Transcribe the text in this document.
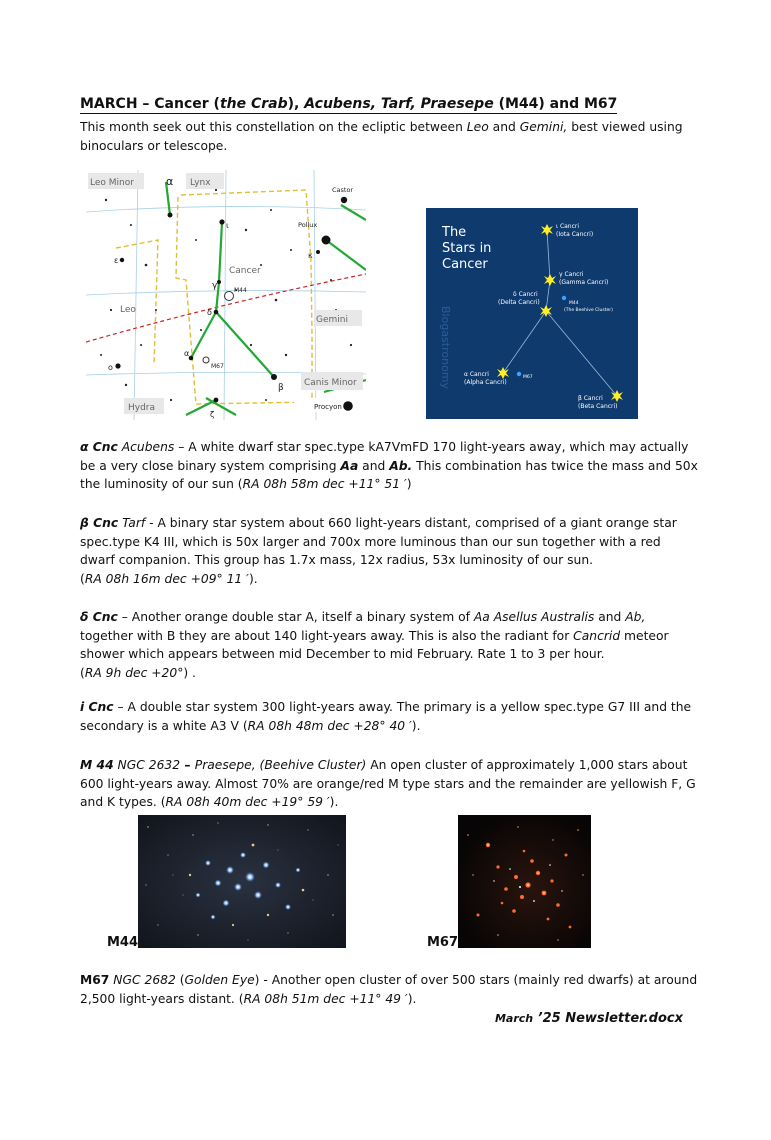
MARCH – Cancer (the Crab), Acubens, Tarf, Praesepe (M44) and M67
This month seek out this constellation on the ecliptic between Leo and Gemini, best viewed using binoculars or telescope.
Leo Minor	α Lynx
Castor
Pollux
κ
ι
Cancer
γ	M44
Leo	δ
Gemini
ε
ο
α
M67
β Canis Minor
Hydra	Procyon
ζ
The
Stars in
Cancer
Blogastronomy
ι Cancri
(Iota Cancri)
γ Cancri
(Gamma Cancri)
δ Cancri
(Delta Cancri)	M44
(The Beehive Cluster)
α Cancri
(Alpha Cancri)
M67
β Cancri
(Beta Cancri)
α Cnc Acubens – A white dwarf star spec.type kA7VmFD 170 light-years away, which may actually be a very close binary system comprising Aa and Ab. This combination has twice the mass and 50x the luminosity of our sun (RA 08h 58m dec +11° 51 ′)
β Cnc Tarf - A binary star system about 660 light-years distant, comprised of a giant orange star spec.type K4 III, which is 50x larger and 700x more luminous than our sun together with a red dwarf companion. This group has 1.7x mass, 12x radius, 53x luminosity of our sun.
(RA 08h 16m dec +09° 11 ′).
δ Cnc – Another orange double star A, itself a binary system of Aa Asellus Australis and Ab, together with B they are about 140 light-years away. This is also the radiant for Cancrid meteor shower which appears between mid December to mid February. Rate 1 to 3 per hour.
(RA 9h dec +20°) .
i Cnc – A double star system 300 light-years away. The primary is a yellow spec.type G7 III and the secondary is a white A3 V (RA 08h 48m dec +28° 40 ′).
M 44 NGC 2632 – Praesepe, (Beehive Cluster) An open cluster of approximately 1,000 stars about 600 light-years away. Almost 70% are orange/red M type stars and the remainder are yellowish F, G and K types. (RA 08h 40m dec +19° 59 ′).
M44	M67
M67 NGC 2682 (Golden Eye) - Another open cluster of over 500 stars (mainly red dwarfs) at around 2,500 light-years distant. (RA 08h 51m dec +11° 49 ′).
March ’25 Newsletter.docx
